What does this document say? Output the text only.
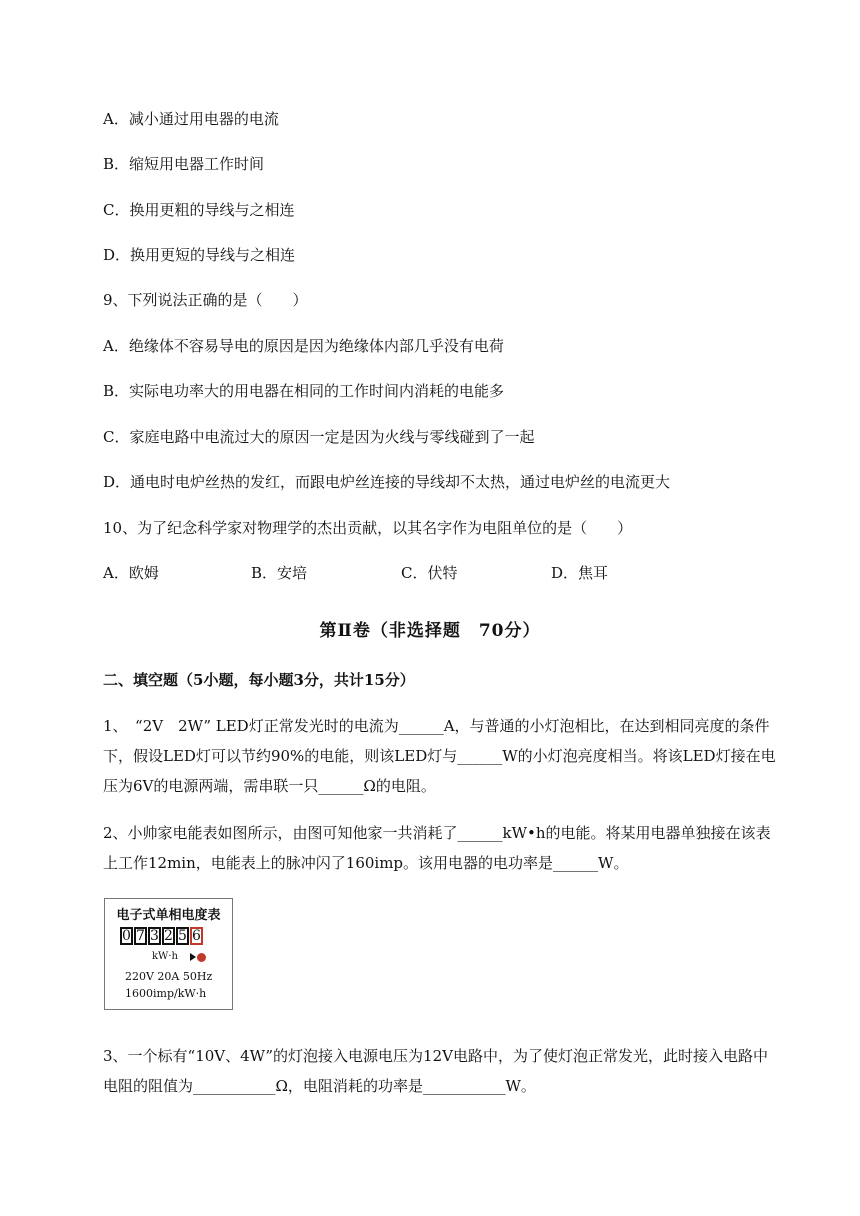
A．减小通过用电器的电流
B．缩短用电器工作时间
C．换用更粗的导线与之相连
D．换用更短的导线与之相连
9、下列说法正确的是（　　）
A．绝缘体不容易导电的原因是因为绝缘体内部几乎没有电荷
B．实际电功率大的用电器在相同的工作时间内消耗的电能多
C．家庭电路中电流过大的原因一定是因为火线与零线碰到了一起
D．通电时电炉丝热的发红，而跟电炉丝连接的导线却不太热，通过电炉丝的电流更大
10、为了纪念科学家对物理学的杰出贡献，以其名字作为电阻单位的是（　　）
A．欧姆	B．安培	C．伏特	D．焦耳
第Ⅱ卷（非选择题　70分）
二、填空题（5小题，每小题3分，共计15分）

1、　“2V　2W” LED灯正常发光时的电流为______A，与普通的小灯泡相比，在达到相同亮度的条件

下，假设LED灯可以节约90%的电能，则该LED灯与______W的小灯泡亮度相当。将该LED灯接在电

压为6V的电源两端，需串联一只______Ω的电阻。

2、小帅家电能表如图所示，由图可知他家一共消耗了______kW•h的电能。将某用电器单独接在该表

上工作12min，电能表上的脉冲闪了160imp。该用电器的电功率是______W。

电子式单相电度表
0 7 3 2 5 6
kW·h
220V 20A 50Hz
1600imp/kW·h

3、一个标有“10V、4W”的灯泡接入电源电压为12V电路中，为了使灯泡正常发光，此时接入电路中

电阻的阻值为___________Ω，电阻消耗的功率是___________W。
